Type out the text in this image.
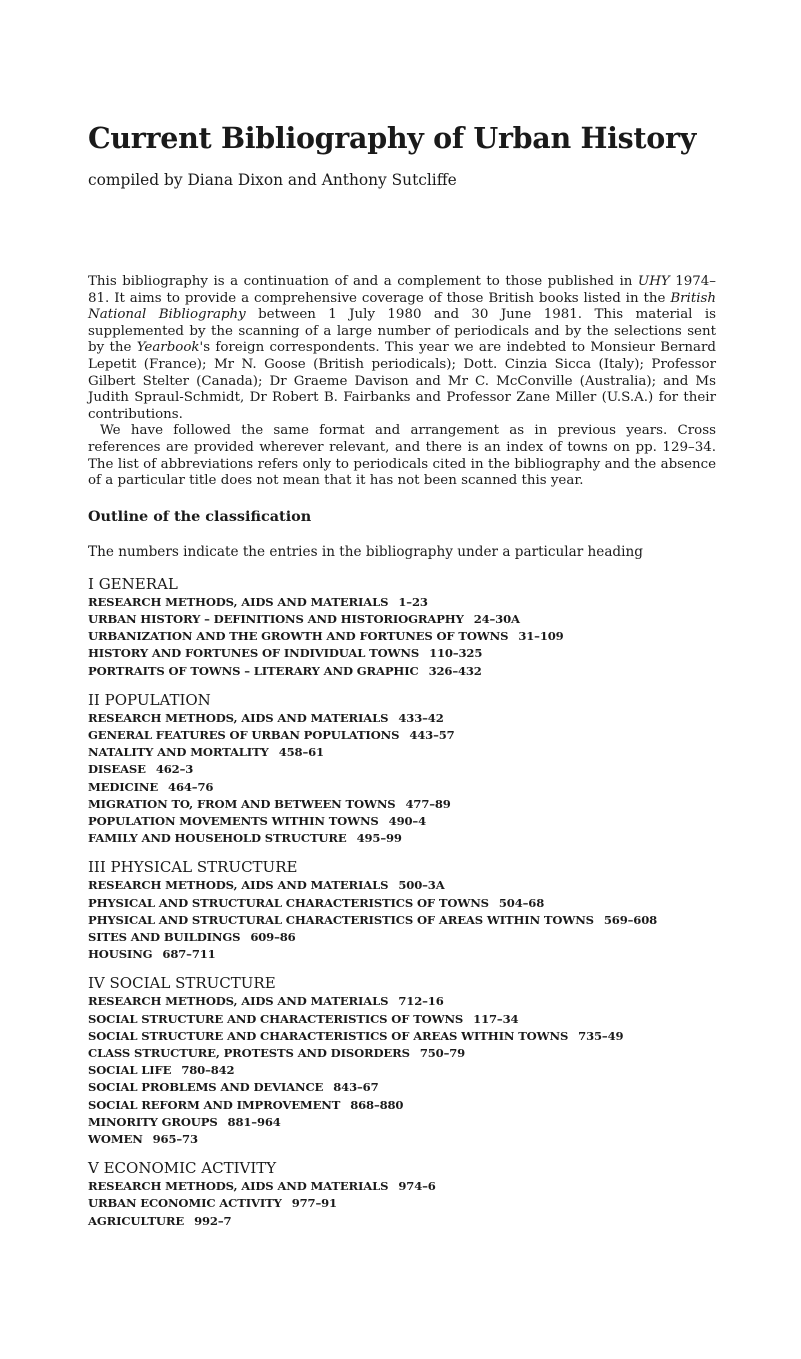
Current Bibliography of Urban History

compiled by Diana Dixon and Anthony Sutcliffe

This bibliography is a continuation of and a complement to those published in UHY 1974–81. It aims to provide a comprehensive coverage of those British books listed in the British National Bibliography between 1 July 1980 and 30 June 1981. This material is supplemented by the scanning of a large number of periodicals and by the selections sent by the Yearbook's foreign correspondents. This year we are indebted to Monsieur Bernard Lepetit (France); Mr N. Goose (British periodicals); Dott. Cinzia Sicca (Italy); Professor Gilbert Stelter (Canada); Dr Graeme Davison and Mr C. McConville (Australia); and Ms Judith Spraul-Schmidt, Dr Robert B. Fairbanks and Professor Zane Miller (U.S.A.) for their contributions.

We have followed the same format and arrangement as in previous years. Cross references are provided wherever relevant, and there is an index of towns on pp. 129–34. The list of abbreviations refers only to periodicals cited in the bibliography and the absence of a particular title does not mean that it has not been scanned this year.

Outline of the classification

The numbers indicate the entries in the bibliography under a particular heading

I GENERAL
RESEARCH METHODS, AIDS AND MATERIALS 1–23
URBAN HISTORY – DEFINITIONS AND HISTORIOGRAPHY 24–30A
URBANIZATION AND THE GROWTH AND FORTUNES OF TOWNS 31–109
HISTORY AND FORTUNES OF INDIVIDUAL TOWNS 110–325
PORTRAITS OF TOWNS – LITERARY AND GRAPHIC 326–432
II POPULATION
RESEARCH METHODS, AIDS AND MATERIALS 433–42
GENERAL FEATURES OF URBAN POPULATIONS 443–57
NATALITY AND MORTALITY 458–61
DISEASE 462–3
MEDICINE 464–76
MIGRATION TO, FROM AND BETWEEN TOWNS 477–89
POPULATION MOVEMENTS WITHIN TOWNS 490–4
FAMILY AND HOUSEHOLD STRUCTURE 495–99
III PHYSICAL STRUCTURE
RESEARCH METHODS, AIDS AND MATERIALS 500–3A
PHYSICAL AND STRUCTURAL CHARACTERISTICS OF TOWNS 504–68
PHYSICAL AND STRUCTURAL CHARACTERISTICS OF AREAS WITHIN TOWNS 569–608
SITES AND BUILDINGS 609–86
HOUSING 687–711
IV SOCIAL STRUCTURE
RESEARCH METHODS, AIDS AND MATERIALS 712–16
SOCIAL STRUCTURE AND CHARACTERISTICS OF TOWNS 117–34
SOCIAL STRUCTURE AND CHARACTERISTICS OF AREAS WITHIN TOWNS 735–49
CLASS STRUCTURE, PROTESTS AND DISORDERS 750–79
SOCIAL LIFE 780–842
SOCIAL PROBLEMS AND DEVIANCE 843–67
SOCIAL REFORM AND IMPROVEMENT 868–880
MINORITY GROUPS 881–964
WOMEN 965–73
V ECONOMIC ACTIVITY
RESEARCH METHODS, AIDS AND MATERIALS 974–6
URBAN ECONOMIC ACTIVITY 977–91
AGRICULTURE 992–7
